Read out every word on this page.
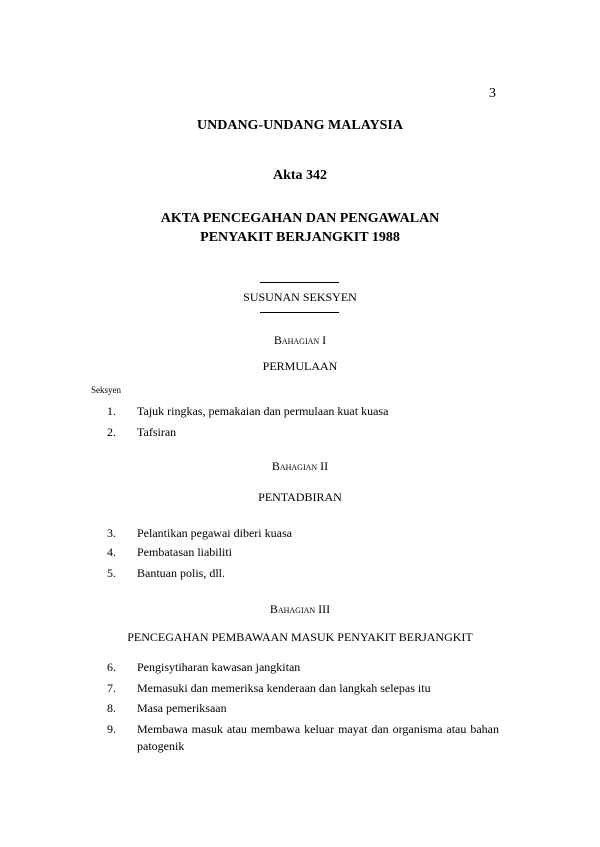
3
UNDANG-UNDANG MALAYSIA
Akta 342
AKTA PENCEGAHAN DAN PENGAWALAN
PENYAKIT BERJANGKIT 1988
SUSUNAN SEKSYEN
Bahagian I
PERMULAAN
Seksyen
1. Tajuk ringkas, pemakaian dan permulaan kuat kuasa
2. Tafsiran
Bahagian II
PENTADBIRAN
3. Pelantikan pegawai diberi kuasa
4. Pembatasan liabiliti
5. Bantuan polis, dll.
Bahagian III
PENCEGAHAN PEMBAWAAN MASUK PENYAKIT BERJANGKIT
6. Pengisytiharan kawasan jangkitan
7. Memasuki dan memeriksa kenderaan dan langkah selepas itu
8. Masa pemeriksaan
9. Membawa masuk atau membawa keluar mayat dan organisma atau bahan patogenik
